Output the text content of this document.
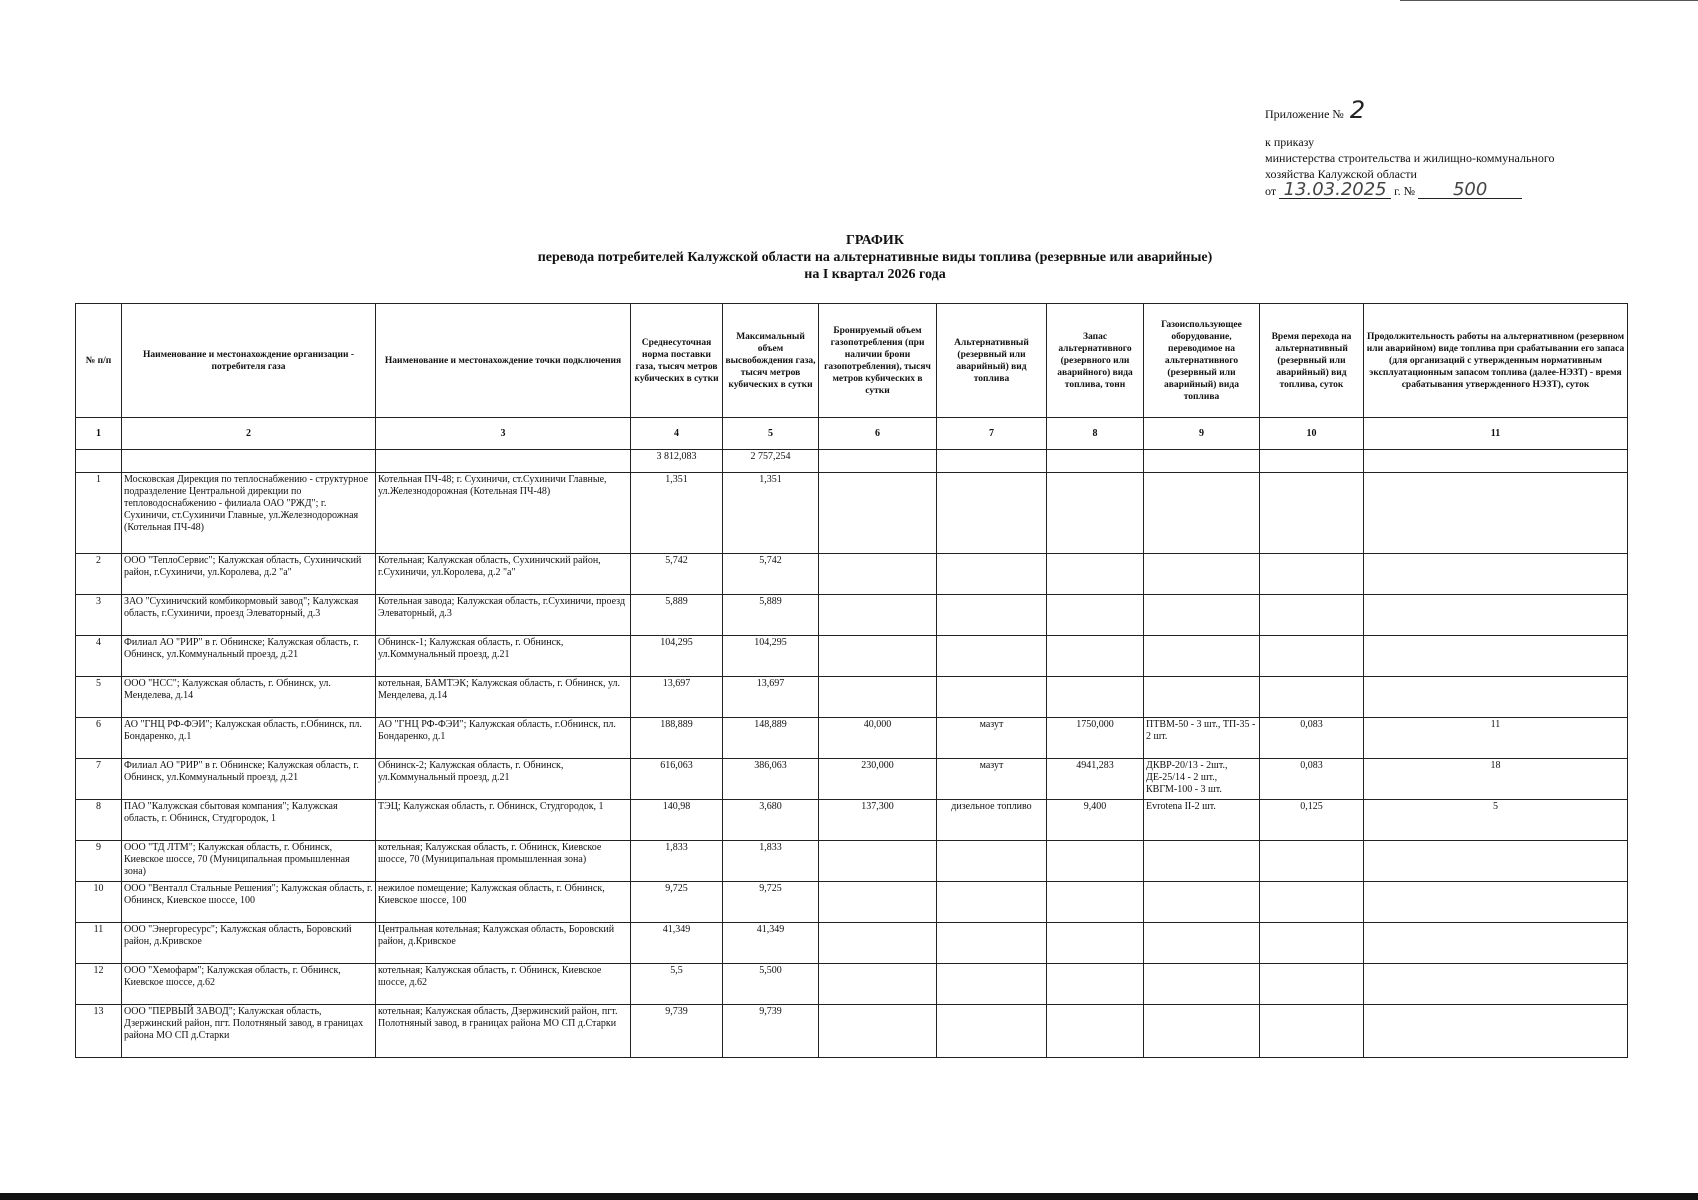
Приложение № 2
к приказу
министерства строительства и жилищно-коммунального
хозяйства Калужской области
от
13.03.2025
г. №
	500
ГРАФИК
перевода потребителей Калужской области на альтернативные виды топлива (резервные или аварийные)
на I квартал 2026 года
№ п/п	Наименование и местонахождение организации - потребителя газа	Наименование и местонахождение точки подключения	Среднесуточная норма поставки газа, тысяч метров кубических в сутки	Максимальный объем высвобождения газа, тысяч метров кубических в сутки	Бронируемый объем газопотребления (при наличии брони газопотребления), тысяч метров кубических в сутки	Альтернативный (резервный или аварийный) вид топлива	Запас альтернативного (резервного или аварийного) вида топлива, тонн	Газоиспользующее оборудование, переводимое на альтернативного (резервный или аварийный) вида топлива	Время перехода на альтернативный (резервный или аварийный) вид топлива, суток	Продолжительность работы на альтернативном (резервном или аварийном) виде топлива при срабатывании его запаса (для организаций с утвержденным нормативным эксплуатационным запасом топлива (далее-НЭЗТ) - время срабатывания утвержденного НЭЗТ), суток
1	2	3	4	5	6	7	8	9	10	11
			3 812,083	2 757,254						
1	Московская Дирекция по теплоснабжению - структурное подразделение Центральной дирекции по тепловодоснабжению - филиала ОАО "РЖД"; г. Сухиничи, ст.Сухиничи Главные, ул.Железнодорожная (Котельная ПЧ-48)	Котельная ПЧ-48; г. Сухиничи, ст.Сухиничи Главные, ул.Железнодорожная (Котельная ПЧ-48)	1,351	1,351						
2	ООО "ТеплоСервис"; Калужская область, Сухиничский район, г.Сухиничи, ул.Королева, д.2 "а"	Котельная; Калужская область, Сухиничский район, г.Сухиничи, ул.Королева, д.2 "а"	5,742	5,742						
3	ЗАО "Сухиничский комбикормовый завод"; Калужская область, г.Сухиничи, проезд Элеваторный, д.3	Котельная завода; Калужская область, г.Сухиничи, проезд Элеваторный, д.3	5,889	5,889						
4	Филиал АО "РИР" в г. Обнинске; Калужская область, г. Обнинск, ул.Коммунальный проезд, д.21	Обнинск-1; Калужская область, г. Обнинск, ул.Коммунальный проезд, д.21	104,295	104,295						
5	ООО "НСС"; Калужская область, г. Обнинск, ул. Менделева, д.14	котельная, БАМТЭК; Калужская область, г. Обнинск, ул. Менделева, д.14	13,697	13,697						
6	АО "ГНЦ РФ-ФЭИ"; Калужская область, г.Обнинск, пл. Бондаренко, д.1	АО "ГНЦ РФ-ФЭИ"; Калужская область, г.Обнинск, пл. Бондаренко, д.1	188,889	148,889	40,000	мазут	1750,000	ПТВМ-50 - 3 шт., ТП-35 - 2 шт.	0,083	11
7	Филиал АО "РИР" в г. Обнинске; Калужская область, г. Обнинск, ул.Коммунальный проезд, д.21	Обнинск-2; Калужская область, г. Обнинск, ул.Коммунальный проезд, д.21	616,063	386,063	230,000	мазут	4941,283	ДКВР-20/13 - 2шт., ДЕ-25/14 - 2 шт., КВГМ-100 - 3 шт.	0,083	18
8	ПАО "Калужская сбытовая компания"; Калужская область, г. Обнинск, Студгородок, 1	ТЭЦ; Калужская область, г. Обнинск, Студгородок, 1	140,98	3,680	137,300	дизельное топливо	9,400	Evrotena II-2 шт.	0,125	5
9	ООО "ТД ЛТМ"; Калужская область, г. Обнинск, Киевское шоссе, 70 (Муниципальная промышленная зона)	котельная; Калужская область, г. Обнинск, Киевское шоссе, 70 (Муниципальная промышленная зона)	1,833	1,833						
10	ООО "Венталл Стальные Решения"; Калужская область, г. Обнинск, Киевское шоссе, 100	нежилое помещение; Калужская область, г. Обнинск, Киевское шоссе, 100	9,725	9,725						
11	ООО "Энергоресурс"; Калужская область, Боровский район, д.Кривское	Центральная котельная; Калужская область, Боровский район, д.Кривское	41,349	41,349						
12	ООО "Хемофарм"; Калужская область, г. Обнинск, Киевское шоссе, д.62	котельная; Калужская область, г. Обнинск, Киевское шоссе, д.62	5,5	5,500						
13	ООО "ПЕРВЫЙ ЗАВОД"; Калужская область, Дзержинский район, пгт. Полотняный завод, в границах района МО СП д.Старки	котельная; Калужская область, Дзержинский район, пгт. Полотняный завод, в границах района МО СП д.Старки	9,739	9,739						
